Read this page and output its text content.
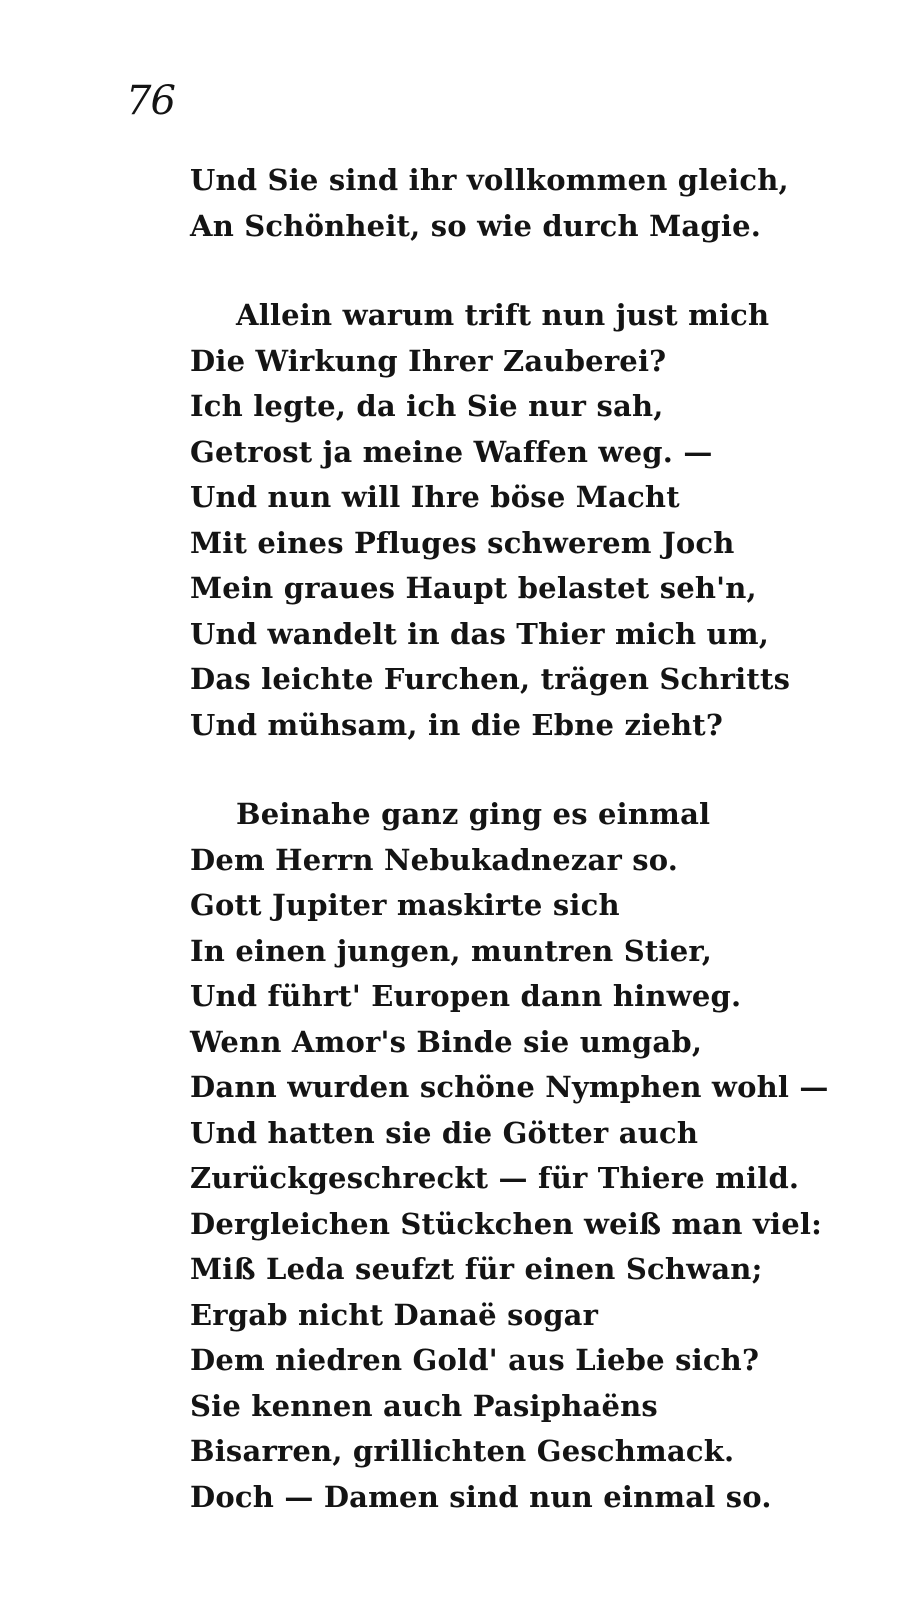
76
Und Sie sind ihr vollkommen gleich,
An Schönheit, so wie durch Magie.
Allein warum trift nun just mich
Die Wirkung Ihrer Zauberei?
Ich legte, da ich Sie nur sah,
Getrost ja meine Waffen weg. —
Und nun will Ihre böse Macht
Mit eines Pfluges schwerem Joch
Mein graues Haupt belastet seh'n,
Und wandelt in das Thier mich um,
Das leichte Furchen, trägen Schritts
Und mühsam, in die Ebne zieht?
Beinahe ganz ging es einmal
Dem Herrn Nebukadnezar so.
Gott Jupiter maskirte sich
In einen jungen, muntren Stier,
Und führt' Europen dann hinweg.
Wenn Amor's Binde sie umgab,
Dann wurden schöne Nymphen wohl —
Und hatten sie die Götter auch
Zurückgeschreckt — für Thiere mild.
Dergleichen Stückchen weiß man viel:
Miß Leda seufzt für einen Schwan;
Ergab nicht Danaë sogar
Dem niedren Gold' aus Liebe sich?
Sie kennen auch Pasiphaëns
Bisarren, grillichten Geschmack.
Doch — Damen sind nun einmal so.
